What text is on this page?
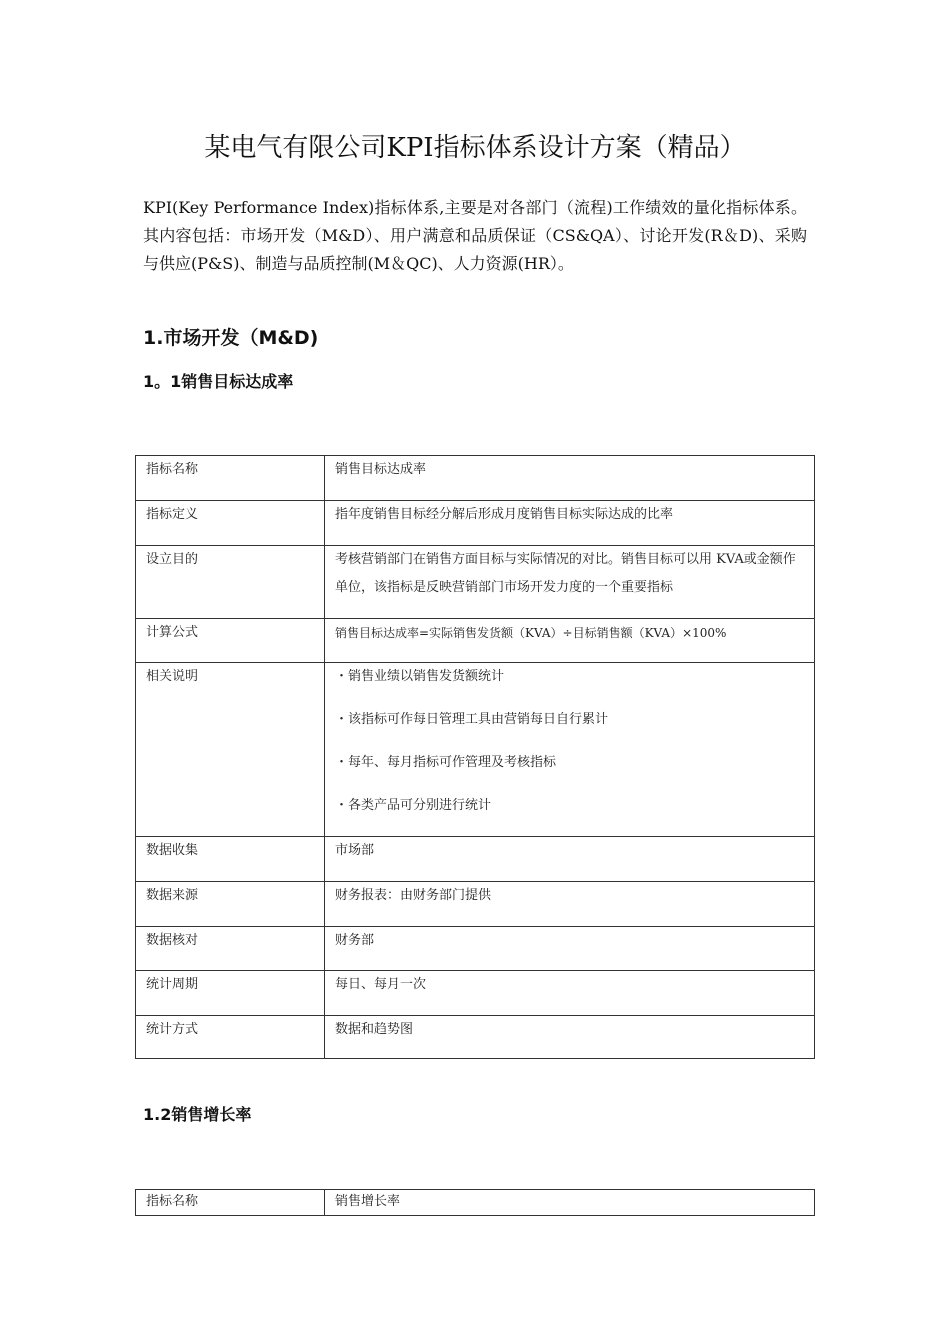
某电气有限公司KPI指标体系设计方案（精品）
KPI(Key Performance Index)指标体系,主要是对各部门（流程)工作绩效的量化指标体系。其内容包括：市场开发（M&D）、用户满意和品质保证（CS&QA）、讨论开发(R＆D)、采购与供应(P&S)、制造与品质控制(M＆QC)、人力资源(HR）。
1.市场开发（M&D)
1。1销售目标达成率
指标名称	销售目标达成率
指标定义	指年度销售目标经分解后形成月度销售目标实际达成的比率
设立目的	考核营销部门在销售方面目标与实际情况的对比。销售目标可以用 KVA或金额作单位，该指标是反映营销部门市场开发力度的一个重要指标
计算公式	销售目标达成率=实际销售发货额（KVA）÷目标销售额（KVA）×100%
相关说明	・销售业绩以销售发货额统计
・该指标可作每日管理工具由营销每日自行累计
・每年、每月指标可作管理及考核指标
・各类产品可分别进行统计

数据收集	市场部
数据来源	财务报表：由财务部门提供
数据核对	财务部
统计周期	每日、每月一次
统计方式	数据和趋势图
1.2销售增长率
指标名称	销售增长率
